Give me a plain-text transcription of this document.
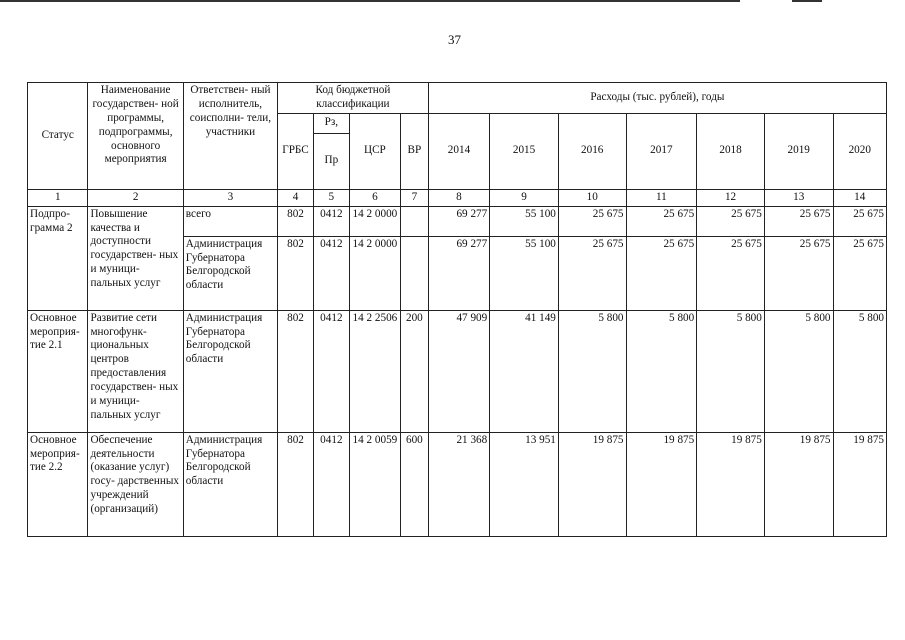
37
Статус	Наименование государствен- ной программы, подпрограммы, основного мероприятия	Ответствен- ный исполнитель, соисполни- тели, участники	Код бюджетной классификации				Расходы (тыс. рублей), годы						
			ГРБС	Рз,	ЦСР	ВР	2014	2015	2016	2017	2018	2019	2020
				Пр									
1	2	3	4	5	6	7	8	9	10	11	12	13	14
Подпро- грамма 2	Повышение качества и доступности государствен- ных и муници- пальных услуг	всего	802	0412	14 2 0000		69 277	55 100	25 675	25 675	25 675	25 675	25 675
		Администрация Губернатора Белгородской области	802	0412	14 2 0000		69 277	55 100	25 675	25 675	25 675	25 675	25 675
Основное мероприя- тие 2.1	Развитие сети многофунк- циональных центров предоставления государствен- ных и муници- пальных услуг	Администрация Губернатора Белгородской области	802	0412	14 2 2506	200	47 909	41 149	5 800	5 800	5 800	5 800	5 800
Основное мероприя- тие 2.2	Обеспечение деятельности (оказание услуг) госу- дарственных учреждений (организаций)	Администрация Губернатора Белгородской области	802	0412	14 2 0059	600	21 368	13 951	19 875	19 875	19 875	19 875	19 875
